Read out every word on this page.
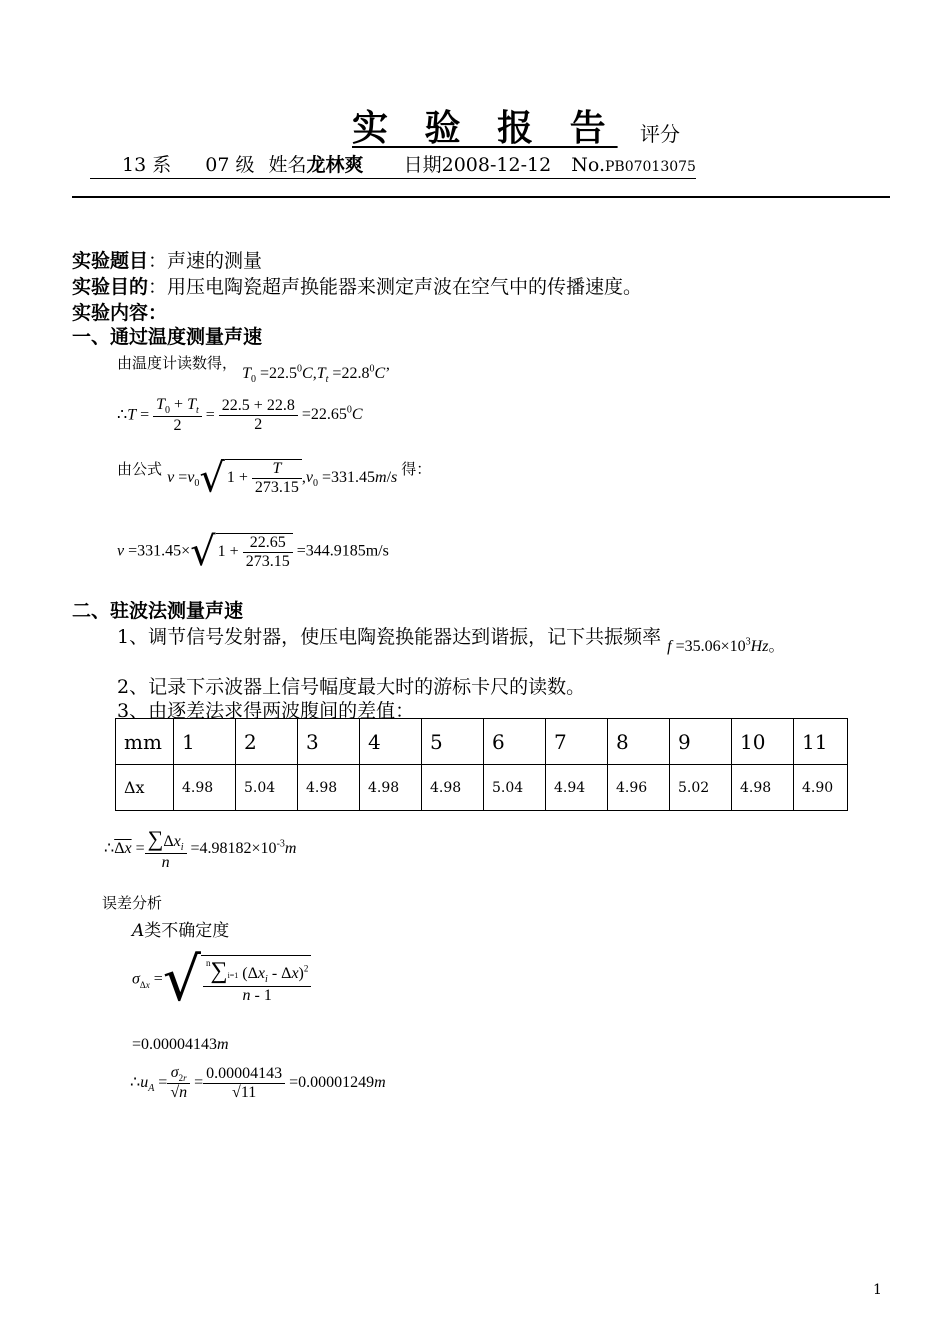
实 验 报 告 评分
13 系 07 级 姓名龙林爽 日期2008-12-12 No.PB07013075
实验题目：声速的测量
实验目的：用压电陶瓷超声换能器来测定声波在空气中的传播速度。
实验内容：
一、通过温度测量声速
由温度计读数得， $T_0 =22.5^0C,T_t =22.8^0C$’
∴T = $\frac{T_0 + T_t}{2} = \frac{22.5 + 22.8}{2} =22.65^0C$
由公式 $v =v_0√$ $1 + \frac{T}{273.15} ,v_0 =331.45m/s$ 得：
v =331.45×√ $1 + \frac{22.65}{273.15} =344.9185m/s$
二、驻波法测量声速
1、调节信号发射器，使压电陶瓷换能器达到谐振，记下共振频率 $_{f =35.06\times 10^3Hz。}$
2、记录下示波器上信号幅度最大时的游标卡尺的读数。
3、由逐差法求得两波腹间的差值：
mm	1	2	3	4	5	6	7	8	9	10	11
Δx	4.98	5.04	4.98	4.98	4.98	5.04	4.94	4.96	5.02	4.98	4.90
∴Δx = $\frac{\sum\Delta x_i}{n} =4.98182\times 10^{-3}m$
误差分析
A类不确定度
$\sigma_{\Delta x}$ =√ $\frac{^n\sum i=1 (\Delta x_i - \Delta x)^2}{n - 1}$
=0.00004143m
$\therefore u_A = \frac{\sigma_{2r}}{√n} = \frac{0.00004143}{√11} =0.00001249m$
1
